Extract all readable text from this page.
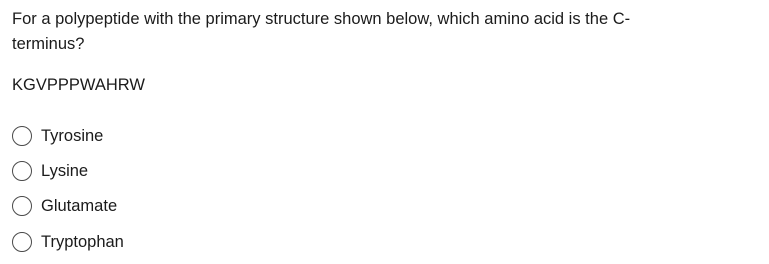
For a polypeptide with the primary structure shown below, which amino acid is the C-terminus?
KGVPPPWAHRW
Tyrosine
Lysine
Glutamate
Tryptophan
